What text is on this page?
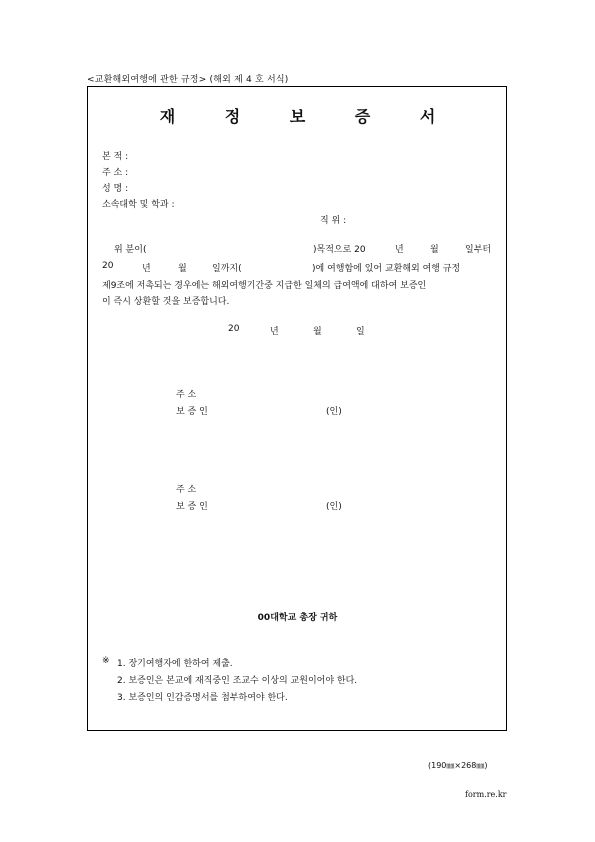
<교환해외여행에 관한 규정> (해외 제 4 호 서식)
재 정 보 증 서
본 적 :
주 소 :
성 명 :
소속대학 및 학과 :
직 위 :
위 분이(	)목적으로 20	년	월	일부터
20	년	월	일까지(	)에 여행함에 있어 교환해외 여행 규정
제9조에 저촉되는 경우에는 해외여행기간중 지급한 일체의 급여액에 대하여 보증인
이 즉시 상환할 것을 보증합니다.
20	년	월	일
주 소
보 증 인	(인)
주 소
보 증 인	(인)
00대학교 총장 귀하
※ 1. 장기여행자에 한하여 제출.
2. 보증인은 본교에 재직중인 조교수 이상의 교원이어야 한다.
3. 보증인의 인감증명서를 첨부하여야 한다.
(190㎜×268㎜)
form.re.kr
